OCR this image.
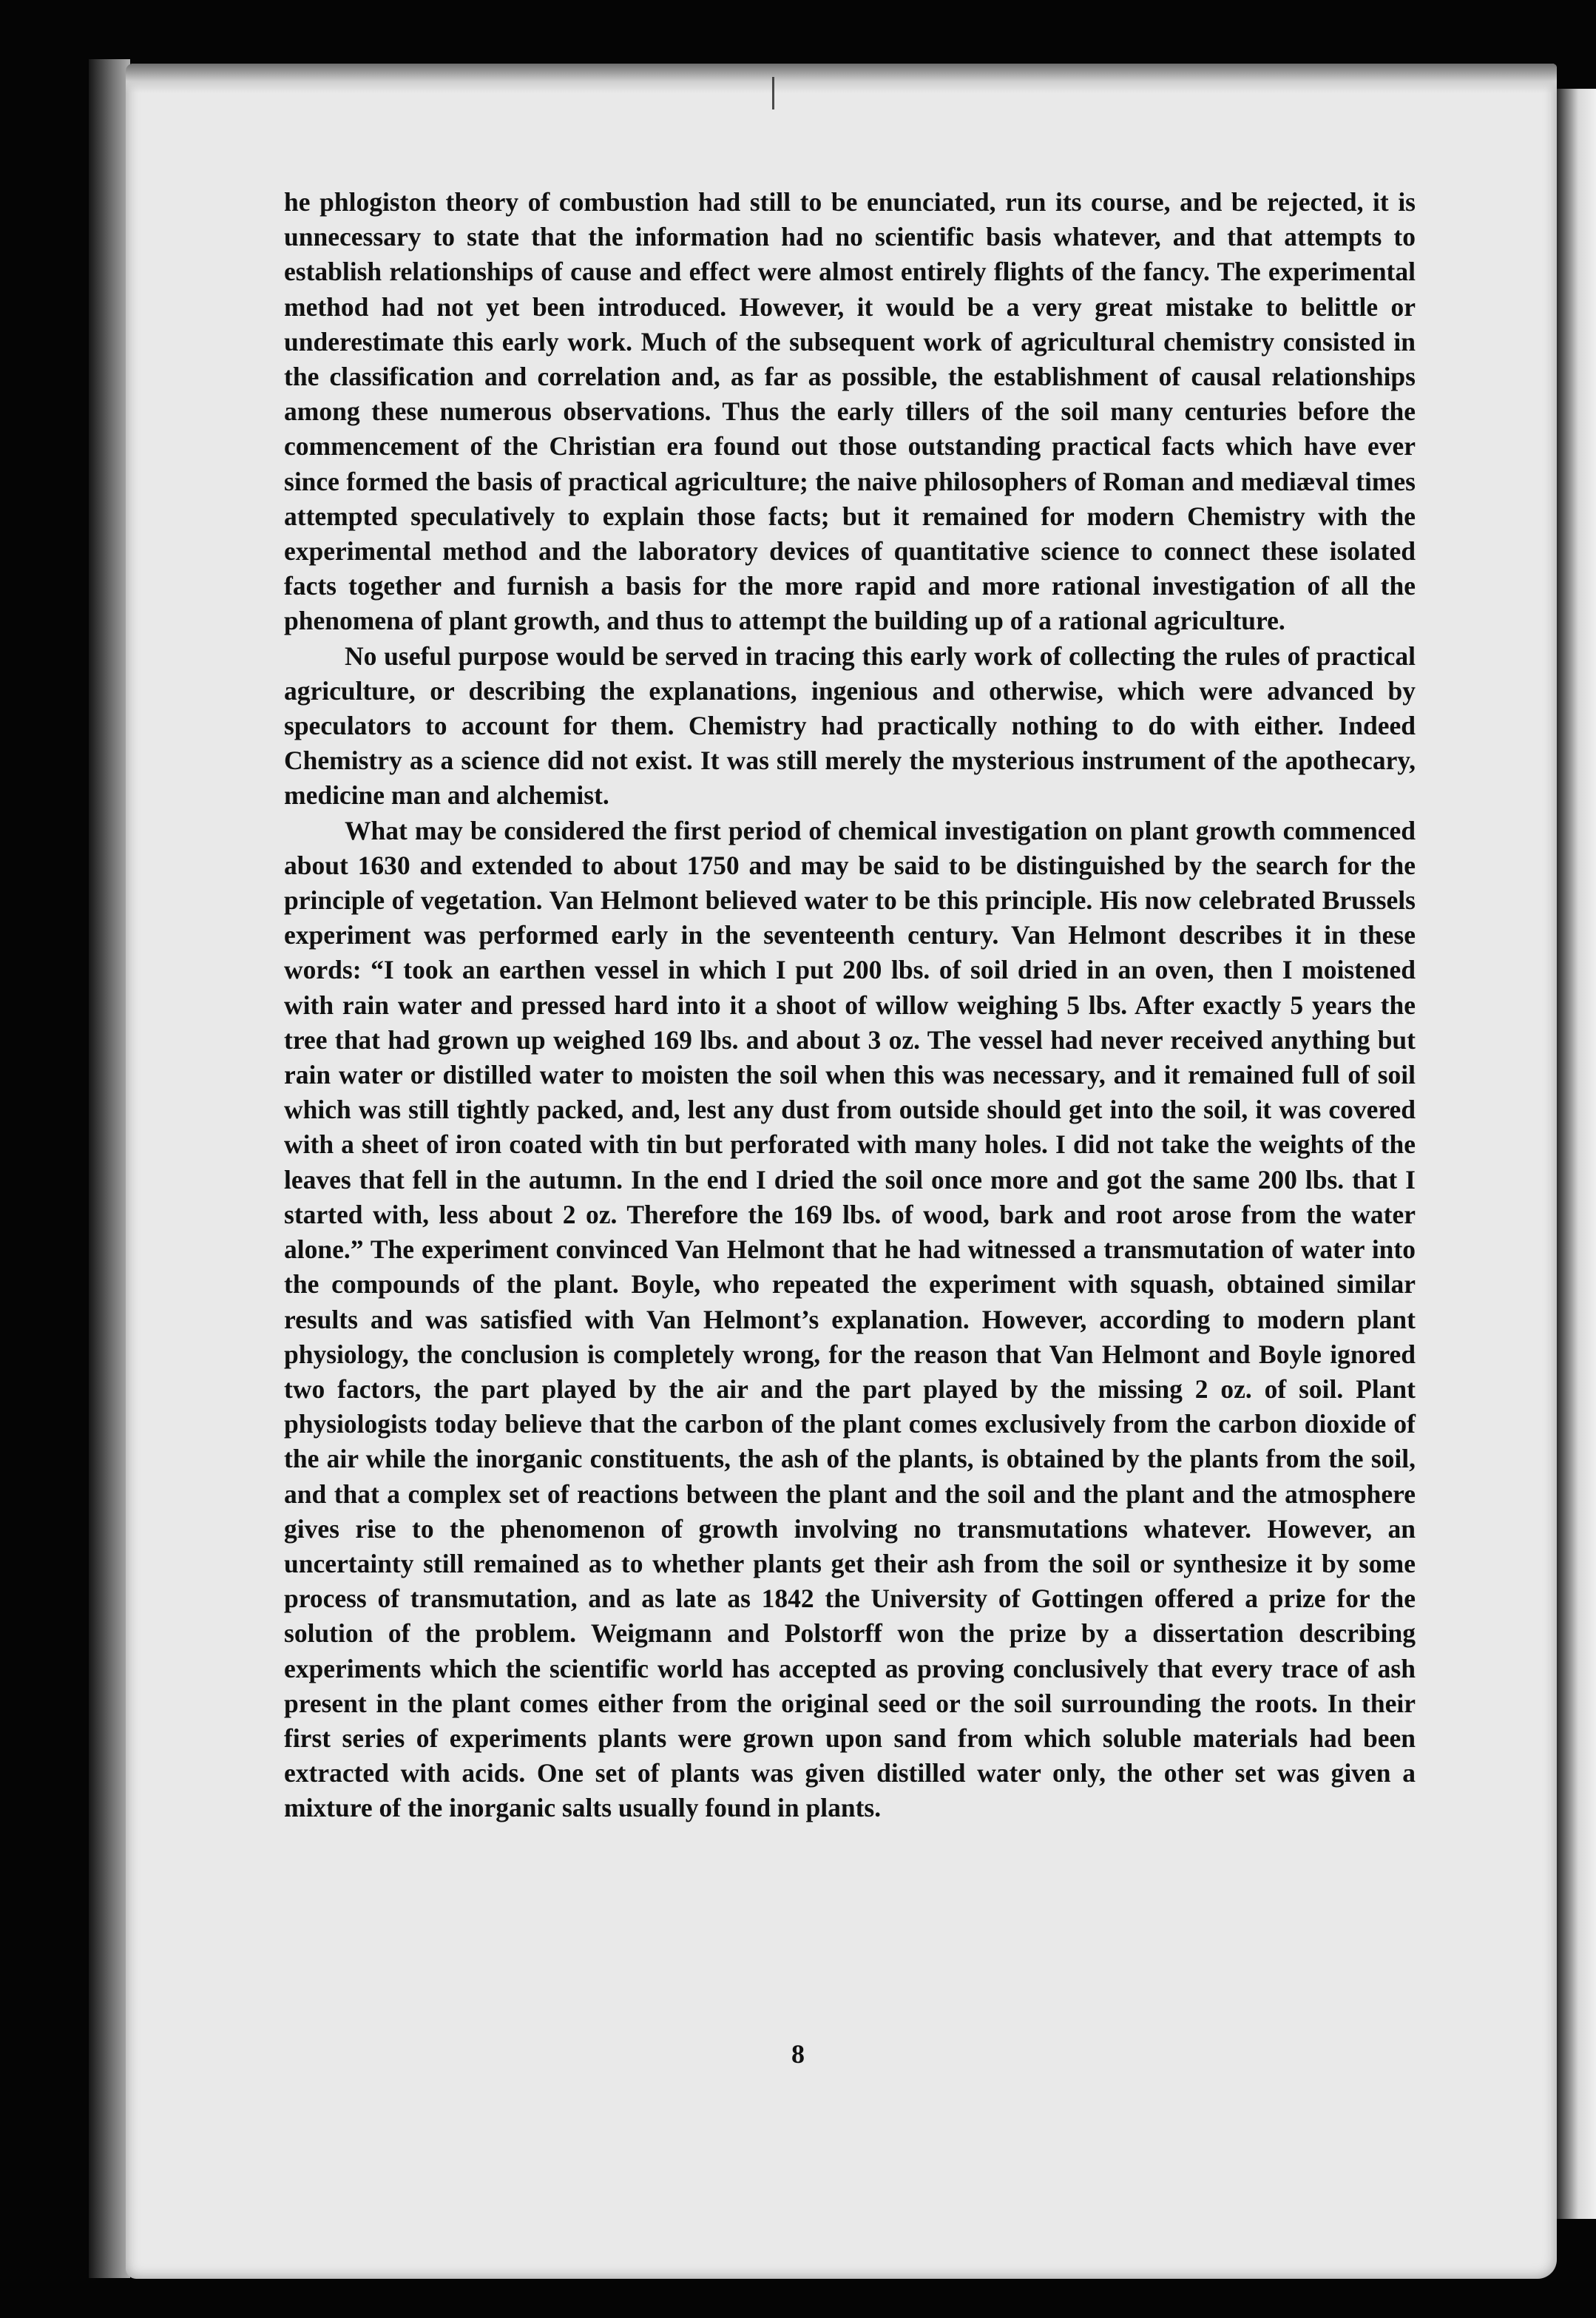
he phlogiston theory of combustion had still to be enunciated, run its course, and be rejected, it is unnecessary to state that the information had no scientific basis whatever, and that attempts to establish relationships of cause and effect were almost entirely flights of the fancy. The experimental method had not yet been introduced. However, it would be a very great mistake to belittle or underestimate this early work. Much of the subsequent work of agricultural chemistry consisted in the classification and correlation and, as far as possible, the establishment of causal relationships among these numerous observations. Thus the early tillers of the soil many centuries before the commencement of the Christian era found out those outstanding practical facts which have ever since formed the basis of practical agriculture; the naive philosophers of Roman and mediæval times attempted speculatively to explain those facts; but it remained for modern Chemistry with the experimental method and the laboratory devices of quantitative science to connect these isolated facts together and furnish a basis for the more rapid and more rational investigation of all the phenomena of plant growth, and thus to attempt the building up of a rational agriculture.

No useful purpose would be served in tracing this early work of collecting the rules of practical agriculture, or describing the explanations, ingenious and otherwise, which were advanced by speculators to account for them. Chemistry had practically nothing to do with either. Indeed Chemistry as a science did not exist. It was still merely the mysterious instrument of the apothecary, medicine man and alchemist.

What may be considered the first period of chemical investigation on plant growth commenced about 1630 and extended to about 1750 and may be said to be distinguished by the search for the principle of vegetation. Van Helmont believed water to be this principle. His now celebrated Brussels experiment was performed early in the seventeenth century. Van Helmont describes it in these words: “I took an earthen vessel in which I put 200 lbs. of soil dried in an oven, then I moistened with rain water and pressed hard into it a shoot of willow weighing 5 lbs. After exactly 5 years the tree that had grown up weighed 169 lbs. and about 3 oz. The vessel had never received anything but rain water or distilled water to moisten the soil when this was necessary, and it remained full of soil which was still tightly packed, and, lest any dust from outside should get into the soil, it was covered with a sheet of iron coated with tin but perforated with many holes. I did not take the weights of the leaves that fell in the autumn. In the end I dried the soil once more and got the same 200 lbs. that I started with, less about 2 oz. Therefore the 169 lbs. of wood, bark and root arose from the water alone.” The experiment convinced Van Helmont that he had witnessed a transmutation of water into the compounds of the plant. Boyle, who repeated the experiment with squash, obtained similar results and was satisfied with Van Helmont’s explanation. However, according to modern plant physiology, the conclusion is completely wrong, for the reason that Van Helmont and Boyle ignored two factors, the part played by the air and the part played by the missing 2 oz. of soil. Plant physiologists today believe that the carbon of the plant comes exclusively from the carbon dioxide of the air while the inorganic constituents, the ash of the plants, is obtained by the plants from the soil, and that a complex set of reactions between the plant and the soil and the plant and the atmosphere gives rise to the phenomenon of growth involving no transmutations whatever. However, an uncertainty still remained as to whether plants get their ash from the soil or synthesize it by some process of transmutation, and as late as 1842 the University of Gottingen offered a prize for the solution of the problem. Weigmann and Polstorff won the prize by a dissertation describing experiments which the scientific world has accepted as proving conclusively that every trace of ash present in the plant comes either from the original seed or the soil surrounding the roots. In their first series of experiments plants were grown upon sand from which soluble materials had been extracted with acids. One set of plants was given distilled water only, the other set was given a mixture of the inorganic salts usually found in plants.

8
